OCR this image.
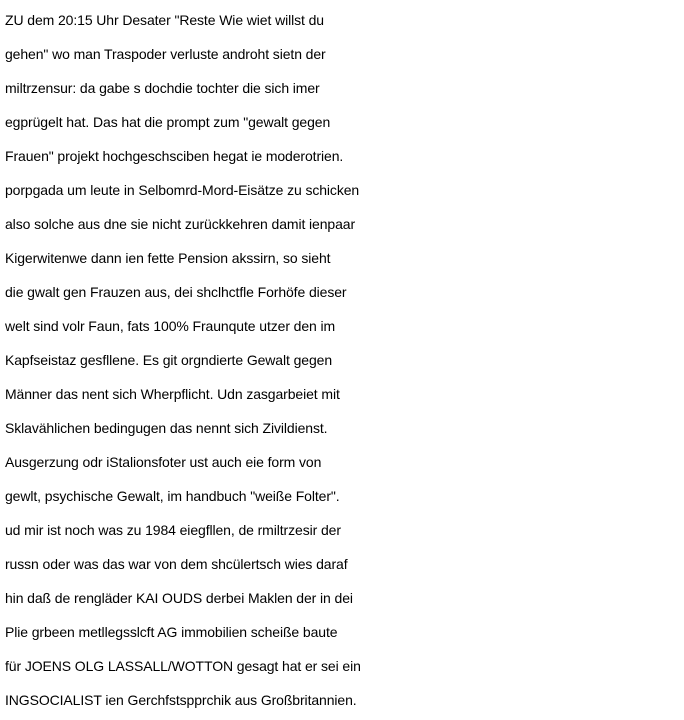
ZU dem 20:15 Uhr Desater "Reste Wie wiet willst du
gehen" wo man Traspoder verluste androht sietn der
miltrzensur: da gabe s dochdie tochter die sich imer
egprügelt hat. Das hat die prompt zum "gewalt gegen
Frauen" projekt hochgeschsciben hegat ie moderotrien.
porpgada um leute in Selbomrd-Mord-Eisätze zu schicken
also solche aus dne sie nicht zurückkehren damit ienpaar
Kigerwitenwe dann ien fette Pension akssirn, so sieht
die gwalt gen Frauzen aus, dei shclhctfle Forhöfe dieser
welt sind volr Faun, fats 100% Fraunqute utzer den im
Kapfseistaz gesfllene. Es git orgndierte Gewalt gegen
Männer das nent sich Wherpflicht. Udn zasgarbeiet mit
Sklavählichen bedingugen das nennt sich Zivildienst.
Ausgerzung odr iStalionsfoter ust auch eie form von
gewlt, psychische Gewalt, im handbuch "weiße Folter".
ud mir ist noch was zu 1984 eiegfllen, de rmiltrzesir der
russn oder was das war von dem shcülertsch wies daraf
hin daß de rengläder KAI OUDS derbei Maklen der in dei
Plie grbeen metllegsslcft AG immobilien scheiße baute
für JOENS OLG LASSALL/WOTTON gesagt hat er sei ein
INGSOCIALIST ien Gerchfstspprchik aus Großbritannien.
